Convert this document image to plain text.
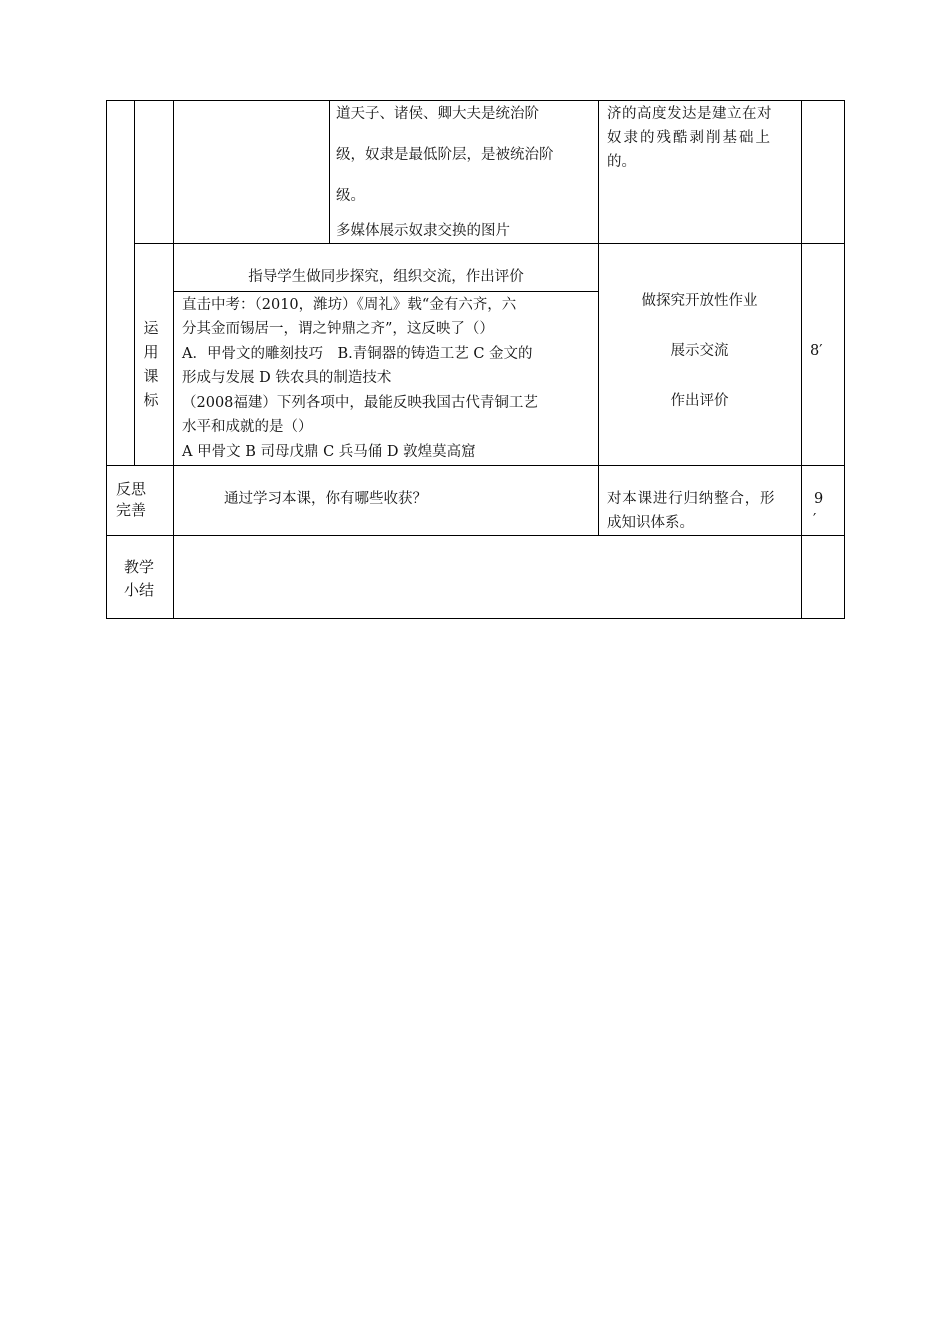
道天子、诸侯、卿大夫是统治阶
级，奴隶是最低阶层，是被统治阶
级。
多媒体展示奴隶交换的图片
济的高度发达是建立在对
奴隶的残酷剥削基础上
的。
运用课标
指导学生做同步探究，组织交流，作出评价
直击中考：（2010，潍坊）《周礼》载“金有六齐，六
分其金而锡居一，谓之钟鼎之齐”，这反映了（）
A．甲骨文的雕刻技巧　B.青铜器的铸造工艺 C 金文的
形成与发展 D 铁农具的制造技术
（2008福建）下列各项中，最能反映我国古代青铜工艺
水平和成就的是（）
A 甲骨文 B 司母戊鼎 C 兵马俑 D 敦煌莫高窟
做探究开放性作业
展示交流
作出评价
8′
反思
完善
通过学习本课，你有哪些收获？	对本课进行归纳整合，形
成知识体系。
9
′
教学
小结
